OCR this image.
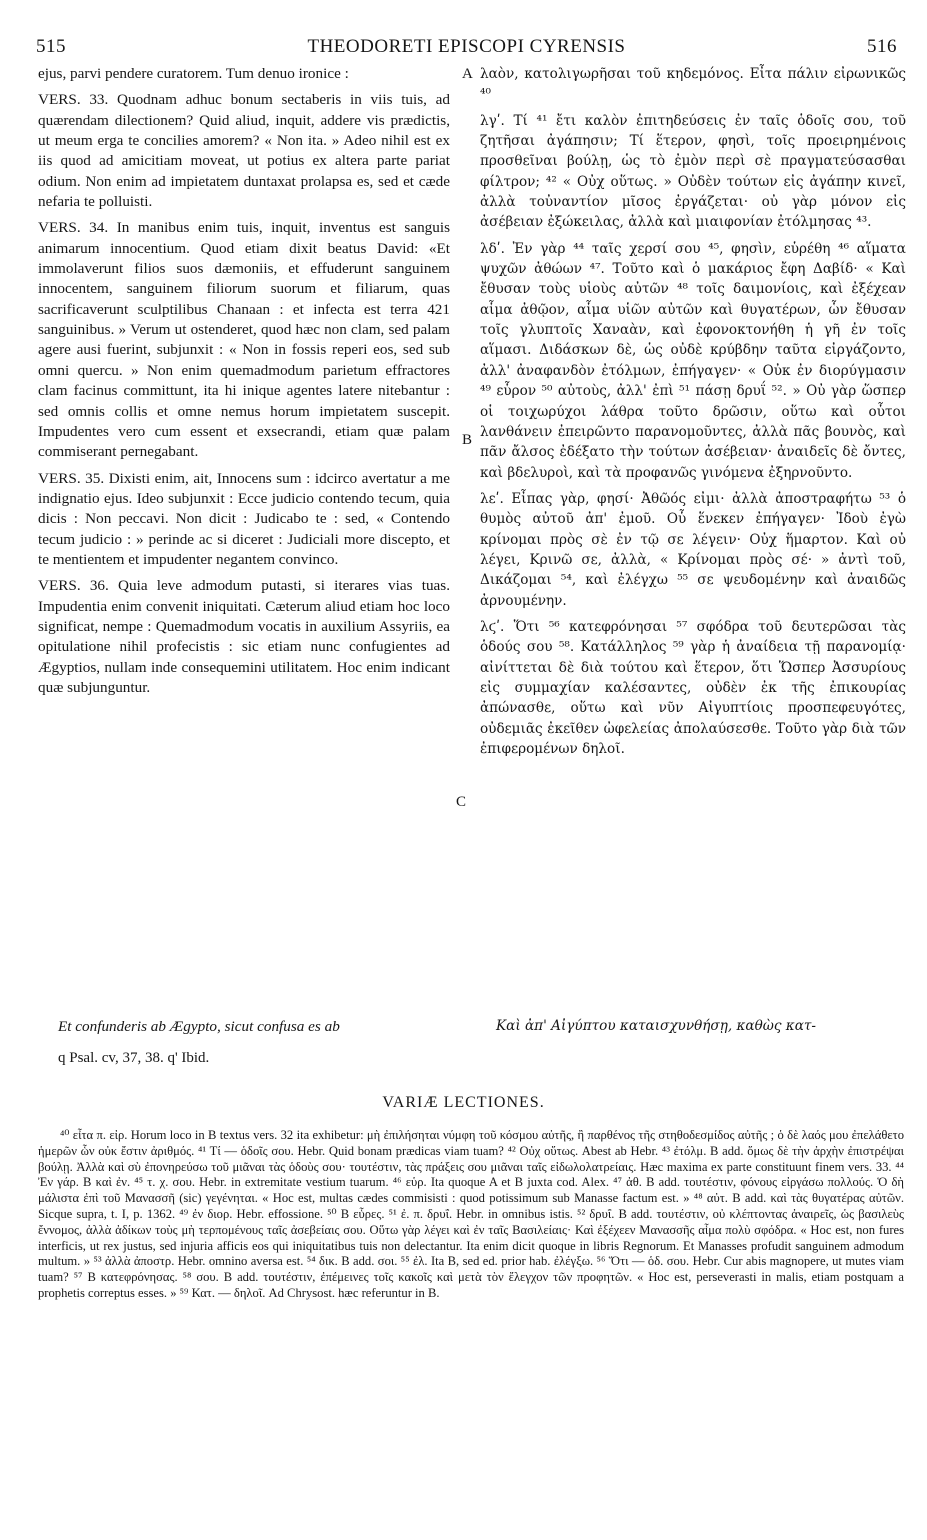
515	THEODORETI EPISCOPI CYRENSIS	516

ejus, parvi pendere curatorem. Tum denuo ironice :

VERS. 33. Quodnam adhuc bonum sectaberis in viis tuis, ad quærendam dilectionem? Quid aliud, inquit, addere vis prædictis, ut meum erga te concilies amorem? « Non ita. » Adeo nihil est ex iis quod ad amicitiam moveat, ut potius ex altera parte pariat odium. Non enim ad impietatem duntaxat prolapsa es, sed et cæde nefaria te polluisti.

VERS. 34. In manibus enim tuis, inquit, inventus est sanguis animarum innocentium. Quod etiam dixit beatus David: «Et immolaverunt filios suos dæmoniis, et effuderunt sanguinem innocentem, sanguinem filiorum suorum et filiarum, quas sacrificaverunt sculptilibus Chanaan : et infecta est terra 421 sanguinibus. » Verum ut ostenderet, quod hæc non clam, sed palam agere ausi fuerint, subjunxit : « Non in fossis reperi eos, sed sub omni quercu. » Non enim quemadmodum parietum effractores clam facinus committunt, ita hi inique agentes latere nitebantur : sed omnis collis et omne nemus horum impietatem suscepit. Impudentes vero cum essent et exsecrandi, etiam quæ palam commiserant pernegabant.

VERS. 35. Dixisti enim, ait, Innocens sum : idcirco avertatur a me indignatio ejus. Ideo subjunxit : Ecce judicio contendo tecum, quia dicis : Non peccavi. Non dicit : Judicabo te : sed, « Contendo tecum judicio : » perinde ac si diceret : Judiciali more discepto, et te mentientem et impudenter negantem convinco.

VERS. 36. Quia leve admodum putasti, si iterares vias tuas. Impudentia enim convenit iniquitati. Cæterum aliud etiam hoc loco significat, nempe : Quemadmodum vocatis in auxilium Assyriis, ea opitulatione nihil profecistis : sic etiam nunc confugientes ad Ægyptios, nullam inde consequemini utilitatem. Hoc enim indicant quæ subjunguntur.

A
B
C

λαὸν, κατολιγωρῆσαι τοῦ κηδεμόνος. Εἶτα πάλιν εἰρωνικῶς ⁴⁰

λγʹ. Τί ⁴¹ ἔτι καλὸν ἐπιτηδεύσεις ἐν ταῖς ὁδοῖς σου, τοῦ ζητῆσαι ἀγάπησιν; Τί ἕτερον, φησὶ, τοῖς προειρημένοις προσθεῖναι βούλῃ, ὡς τὸ ἐμὸν περὶ σὲ πραγματεύσασθαι φίλτρον; ⁴² « Οὐχ οὕτως. » Οὐδὲν τούτων εἰς ἀγάπην κινεῖ, ἀλλὰ τοὐναντίον μῖσος ἐργάζεται· οὐ γὰρ μόνον εἰς ἀσέβειαν ἐξώκειλας, ἀλλὰ καὶ μιαιφονίαν ἐτόλμησας ⁴³.

λδʹ. Ἐν γὰρ ⁴⁴ ταῖς χερσί σου ⁴⁵, φησὶν, εὑρέθη ⁴⁶ αἵματα ψυχῶν ἀθώων ⁴⁷. Τοῦτο καὶ ὁ μακάριος ἔφη Δαβίδ· « Καὶ ἔθυσαν τοὺς υἱοὺς αὐτῶν ⁴⁸ τοῖς δαιμονίοις, καὶ ἐξέχεαν αἷμα ἀθῷον, αἷμα υἱῶν αὐτῶν καὶ θυγατέρων, ὧν ἔθυσαν τοῖς γλυπτοῖς Χαναὰν, καὶ ἐφονοκτονήθη ἡ γῆ ἐν τοῖς αἵμασι. Διδάσκων δὲ, ὡς οὐδὲ κρύβδην ταῦτα εἰργάζοντο, ἀλλ' ἀναφανδὸν ἐτόλμων, ἐπήγαγεν· « Οὐκ ἐν διορύγμασιν ⁴⁹ εὗρον ⁵⁰ αὐτοὺς, ἀλλ' ἐπὶ ⁵¹ πάσῃ δρυΐ ⁵². » Οὐ γὰρ ὥσπερ οἱ τοιχωρύχοι λάθρα τοῦτο δρῶσιν, οὕτω καὶ οὗτοι λανθάνειν ἐπειρῶντο παρανομοῦντες, ἀλλὰ πᾶς βουνὸς, καὶ πᾶν ἄλσος ἐδέξατο τὴν τούτων ἀσέβειαν· ἀναιδεῖς δὲ ὄντες, καὶ βδελυροὶ, καὶ τὰ προφανῶς γινόμενα ἐξηρνοῦντο.

λεʹ. Εἶπας γὰρ, φησί· Ἀθῶός εἰμι· ἀλλὰ ἀποστραφήτω ⁵³ ὁ θυμὸς αὐτοῦ ἀπ' ἐμοῦ. Οὗ ἕνεκεν ἐπήγαγεν· Ἰδοὺ ἐγὼ κρίνομαι πρὸς σὲ ἐν τῷ σε λέγειν· Οὐχ ἥμαρτον. Καὶ οὐ λέγει, Κρινῶ σε, ἀλλὰ, « Κρίνομαι πρὸς σέ· » ἀντὶ τοῦ, Δικάζομαι ⁵⁴, καὶ ἐλέγχω ⁵⁵ σε ψευδομένην καὶ ἀναιδῶς ἀρνουμένην.

λϛʹ. Ὅτι ⁵⁶ κατεφρόνησαι ⁵⁷ σφόδρα τοῦ δευτερῶσαι τὰς ὁδούς σου ⁵⁸. Κατάλληλος ⁵⁹ γὰρ ἡ ἀναίδεια τῇ παρανομίᾳ· αἰνίττεται δὲ διὰ τούτου καὶ ἕτερον, ὅτι Ὥσπερ Ἀσσυρίους εἰς συμμαχίαν καλέσαντες, οὐδὲν ἐκ τῆς ἐπικουρίας ἀπώνασθε, οὕτω καὶ νῦν Αἰγυπτίοις προσπεφευγότες, οὐδεμιᾶς ἐκεῖθεν ὠφελείας ἀπολαύσεσθε. Τοῦτο γὰρ διὰ τῶν ἐπιφερομένων δηλοῖ.

Et confunderis ab Ægypto, sicut confusa es ab	Καὶ ἀπ' Αἰγύπτου καταισχυνθήσῃ, καθὼς κατ-
q Psal. cv, 37, 38. q' Ibid.
VARIÆ LECTIONES.

⁴⁰ εἶτα π. εἰρ. Horum loco in B textus vers. 32 ita exhibetur: μὴ ἐπιλήσηται νύμφη τοῦ κόσμου αὐτῆς, ἢ παρθένος τῆς στηθοδεσμίδος αὐτῆς ; ὁ δὲ λαός μου ἐπελάθετο ἡμερῶν ὧν οὐκ ἔστιν ἀριθμός. ⁴¹ Τί — ὁδοῖς σου. Hebr. Quid bonam prædicas viam tuam? ⁴² Οὐχ οὕτως. Abest ab Hebr. ⁴³ ἐτόλμ. B add. ὅμως δὲ τὴν ἀρχὴν ἐπιστρέψαι βούλῃ. Ἀλλὰ καὶ σὺ ἐπονηρεύσω τοῦ μιᾶναι τὰς ὁδοὺς σου· τουτέστιν, τὰς πράξεις σου μιᾶναι ταῖς εἰδωλολατρείαις. Hæc maxima ex parte constituunt finem vers. 33. ⁴⁴ Ἐν γάρ. B καὶ ἐν. ⁴⁵ τ. χ. σου. Hebr. in extremitate vestium tuarum. ⁴⁶ εὑρ. Ita quoque A et B juxta cod. Alex. ⁴⁷ ἀθ. B add. τουτέστιν, φόνους εἰργάσω πολλούς. Ὁ δὴ μάλιστα ἐπὶ τοῦ Μανασσῆ (sic) γεγένηται. « Hoc est, multas cædes commisisti : quod potissimum sub Manasse factum est. » ⁴⁸ αὐτ. B add. καὶ τὰς θυγατέρας αὐτῶν. Sicque supra, t. I, p. 1362. ⁴⁹ ἐν διορ. Hebr. effossione. ⁵⁰ B εὗρες. ⁵¹ ἐ. π. δρυΐ. Hebr. in omnibus istis. ⁵² δρυΐ. B add. τουτέστιν, οὐ κλέπτοντας ἀναιρεῖς, ὡς βασιλεὺς ἔννομος, ἀλλὰ ἀδίκων τοὺς μὴ τερπομένους ταῖς ἀσεβείαις σου. Οὕτω γὰρ λέγει καὶ ἐν ταῖς Βασιλείαις· Καὶ ἐξέχεεν Μανασσῆς αἷμα πολὺ σφόδρα. « Hoc est, non fures interficis, ut rex justus, sed injuria afficis eos qui iniquitatibus tuis non delectantur. Ita enim dicit quoque in libris Regnorum. Et Manasses profudit sanguinem admodum multum. » ⁵³ ἀλλὰ ἀποστρ. Hebr. omnino aversa est. ⁵⁴ δικ. B add. σοι. ⁵⁵ ἐλ. Ita B, sed ed. prior hab. ἐλέγξω. ⁵⁶ Ὅτι — ὁδ. σου. Hebr. Cur abis magnopere, ut mutes viam tuam? ⁵⁷ B κατεφρόνησας. ⁵⁸ σου. B add. τουτέστιν, ἐπέμεινες τοῖς κακοῖς καὶ μετὰ τὸν ἔλεγχον τῶν προφητῶν. « Hoc est, perseverasti in malis, etiam postquam a prophetis correptus esses. » ⁵⁹ Κατ. — δηλοῖ. Ad Chrysost. hæc referuntur in B.
